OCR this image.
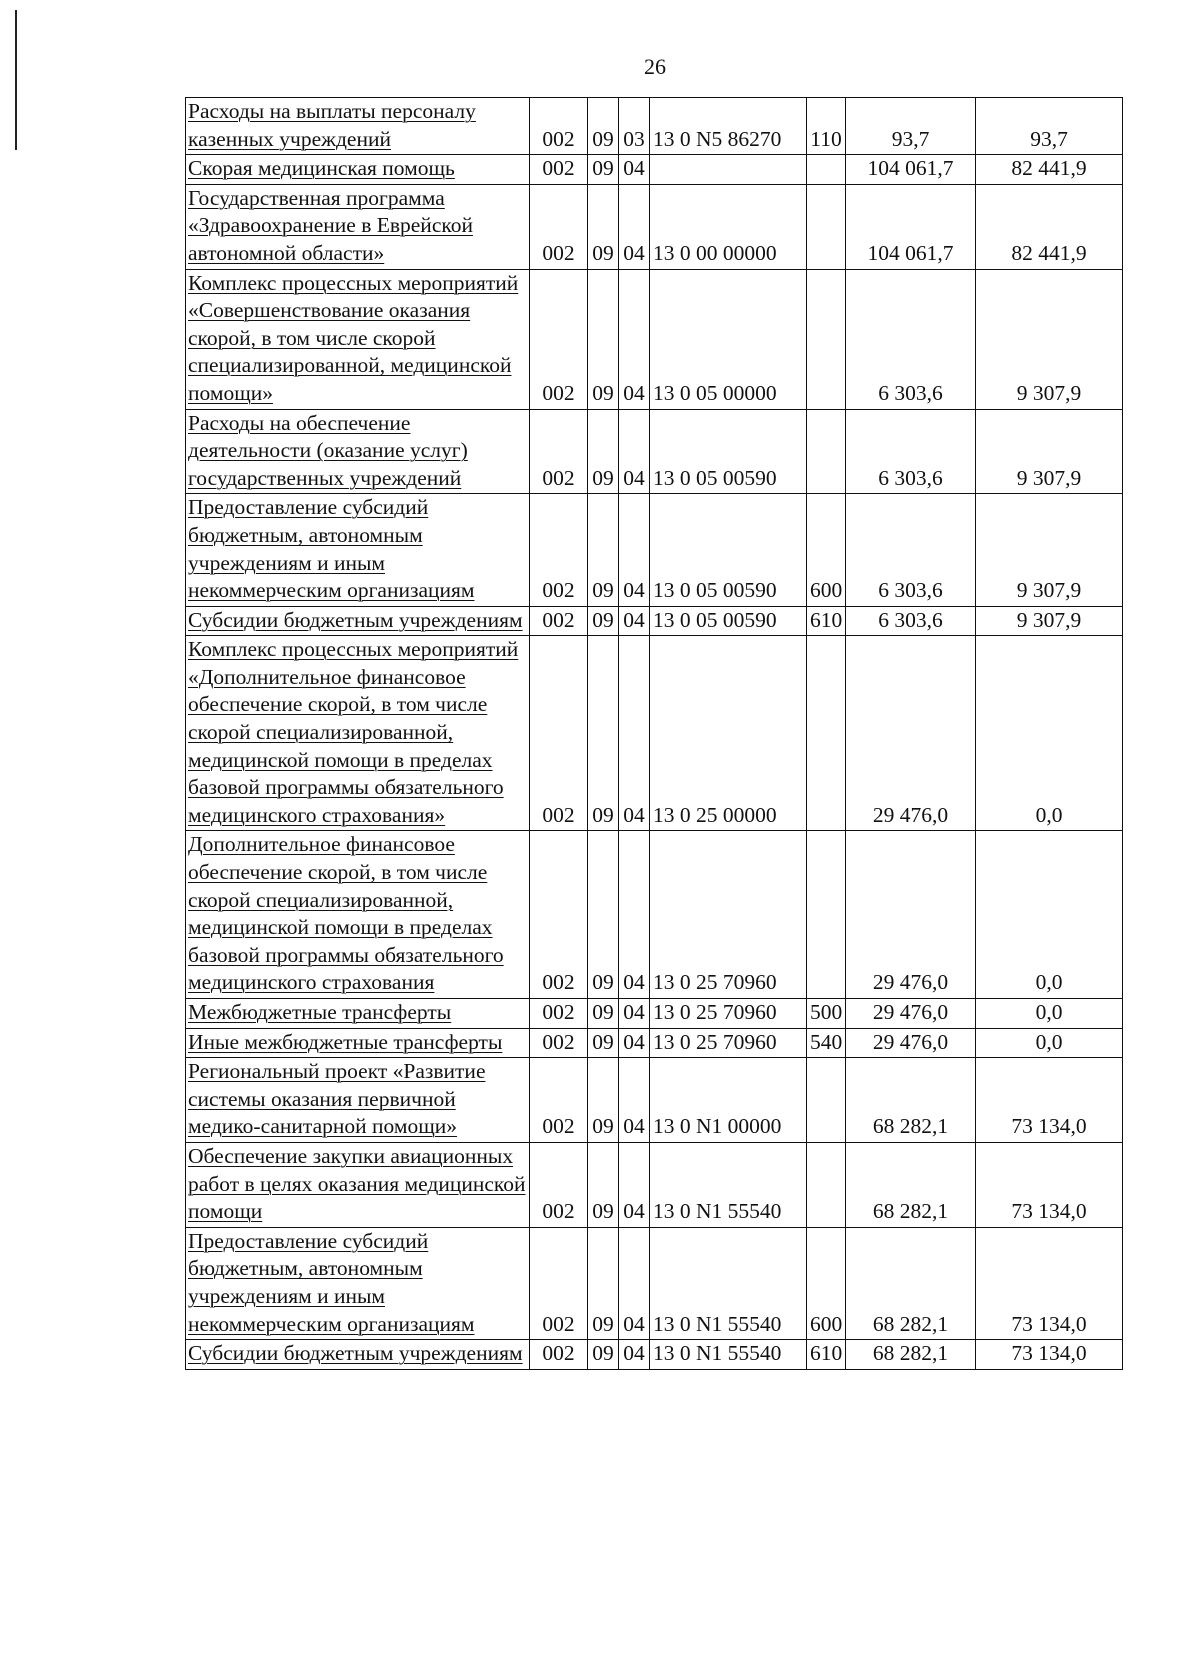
26
Расходы на выплаты персоналу казенных учреждений	002	09	03	13 0 N5 86270	110	93,7	93,7

Скорая медицинская помощь	002	09	04			104 061,7	82 441,9

Государственная программа «Здравоохранение в Еврейской автономной области»	002	09	04	13 0 00 00000		104 061,7	82 441,9

Комплекс процессных мероприятий «Совершенствование оказания скорой, в том числе скорой специализированной, медицинской помощи»	002	09	04	13 0 05 00000		6 303,6	9 307,9

Расходы на обеспечение деятельности (оказание услуг) государственных учреждений	002	09	04	13 0 05 00590		6 303,6	9 307,9

Предоставление субсидий бюджетным, автономным учреждениям и иным некоммерческим организациям	002	09	04	13 0 05 00590	600	6 303,6	9 307,9

Субсидии бюджетным учреждениям	002	09	04	13 0 05 00590	610	6 303,6	9 307,9

Комплекс процессных мероприятий «Дополнительное финансовое обеспечение скорой, в том числе скорой специализированной, медицинской помощи в пределах базовой программы обязательного медицинского страхования»	002	09	04	13 0 25 00000		29 476,0	0,0

Дополнительное финансовое обеспечение скорой, в том числе скорой специализированной, медицинской помощи в пределах базовой программы обязательного медицинского страхования	002	09	04	13 0 25 70960		29 476,0	0,0

Межбюджетные трансферты	002	09	04	13 0 25 70960	500	29 476,0	0,0

Иные межбюджетные трансферты	002	09	04	13 0 25 70960	540	29 476,0	0,0

Региональный проект «Развитие системы оказания первичной медико-санитарной помощи»	002	09	04	13 0 N1 00000		68 282,1	73 134,0

Обеспечение закупки авиационных работ в целях оказания медицинской помощи	002	09	04	13 0 N1 55540		68 282,1	73 134,0

Предоставление субсидий бюджетным, автономным учреждениям и иным некоммерческим организациям	002	09	04	13 0 N1 55540	600	68 282,1	73 134,0

Субсидии бюджетным учреждениям	002	09	04	13 0 N1 55540	610	68 282,1	73 134,0
